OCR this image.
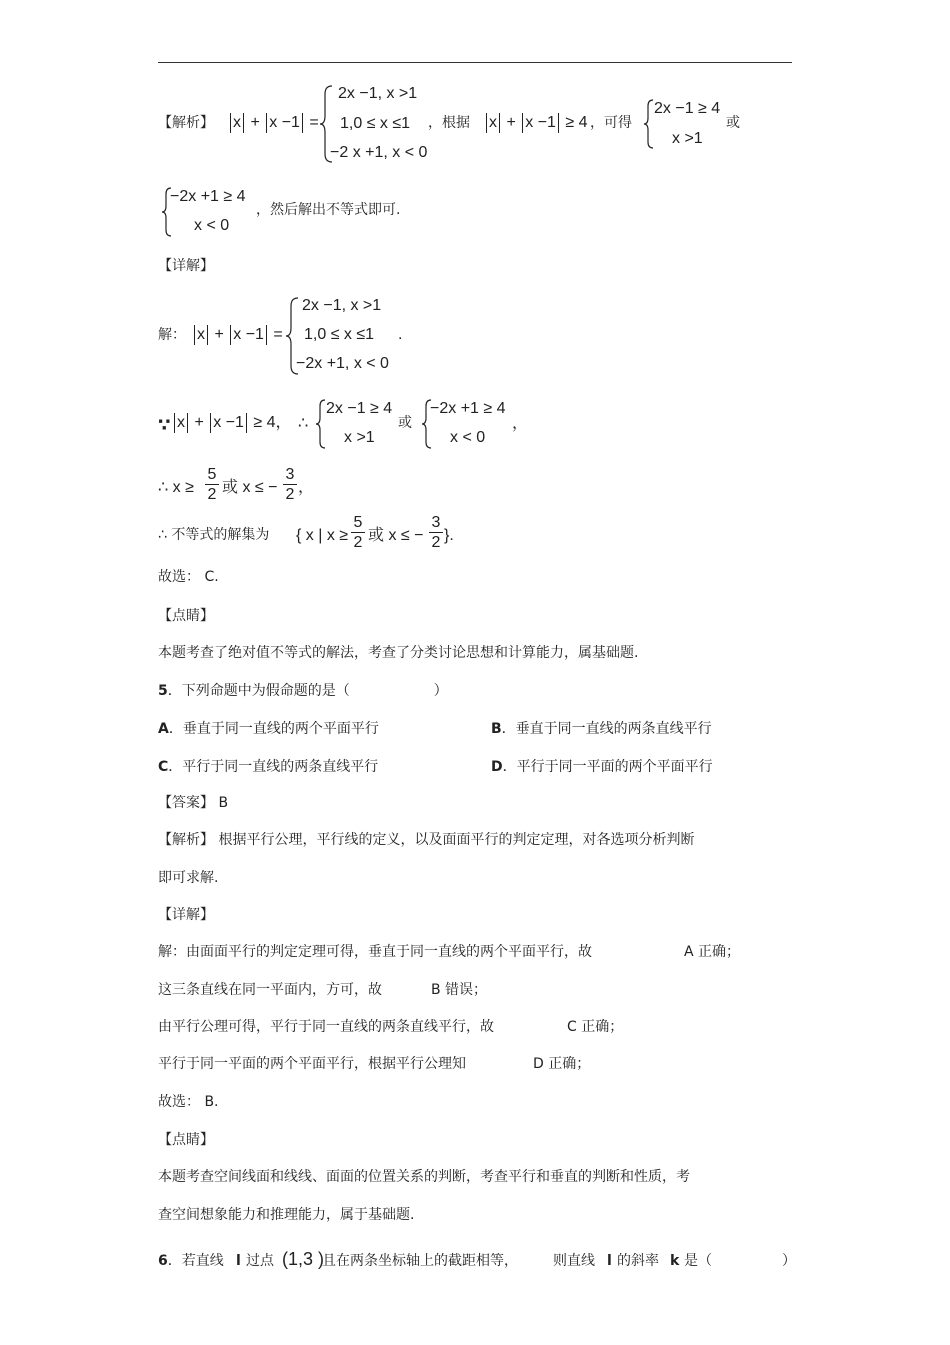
【解析】	x + x −1 =
2x −1, x >1
1,0 ≤ x ≤1
−2 x +1, x < 0
，根据	x + x −1 ≥ 4 ，可得
2x −1 ≥ 4
x >1
或
−2x +1 ≥ 4
x < 0
，然后解出不等式即可.
【详解】
解： x + x −1 =
2x −1, x >1
1,0 ≤ x ≤1
−2x +1, x < 0
.
∵ x + x −1 ≥ 4， ∴
2x −1 ≥ 4
x >1
或
−2x +1 ≥ 4
x < 0
，
∴ x ≥
5
2 或 x ≤ −
3
2 ，
∴ 不等式的解集为 { x | x ≥
5
2 或 x ≤ −
3
2 }.
故选： C.
【点睛】
本题考查了绝对值不等式的解法，考查了分类讨论思想和计算能力，属基础题.
5．下列命题中为假命题的是（　　　　　　）
A．垂直于同一直线的两个平面平行	B．垂直于同一直线的两条直线平行
C．平行于同一直线的两条直线平行	D．平行于同一平面的两个平面平行
【答案】 B
【解析】 根据平行公理，平行线的定义，以及面面平行的判定定理，对各选项分析判断
即可求解.
【详解】
解：由面面平行的判定定理可得，垂直于同一直线的两个平面平行，故	A 正确；
这三条直线在同一平面内，方可，故	B 错误；
由平行公理可得，平行于同一直线的两条直线平行，故	C 正确；
平行于同一平面的两个平面平行，根据平行公理知	D 正确；
故选： B.
【点睛】
本题考查空间线面和线线、面面的位置关系的判断，考查平行和垂直的判断和性质，考
查空间想象能力和推理能力，属于基础题.
6．若直线 l 过点 (1,3 )
且在两条坐标轴上的截距相等，	则直线 l 的斜率 k 是（	）
